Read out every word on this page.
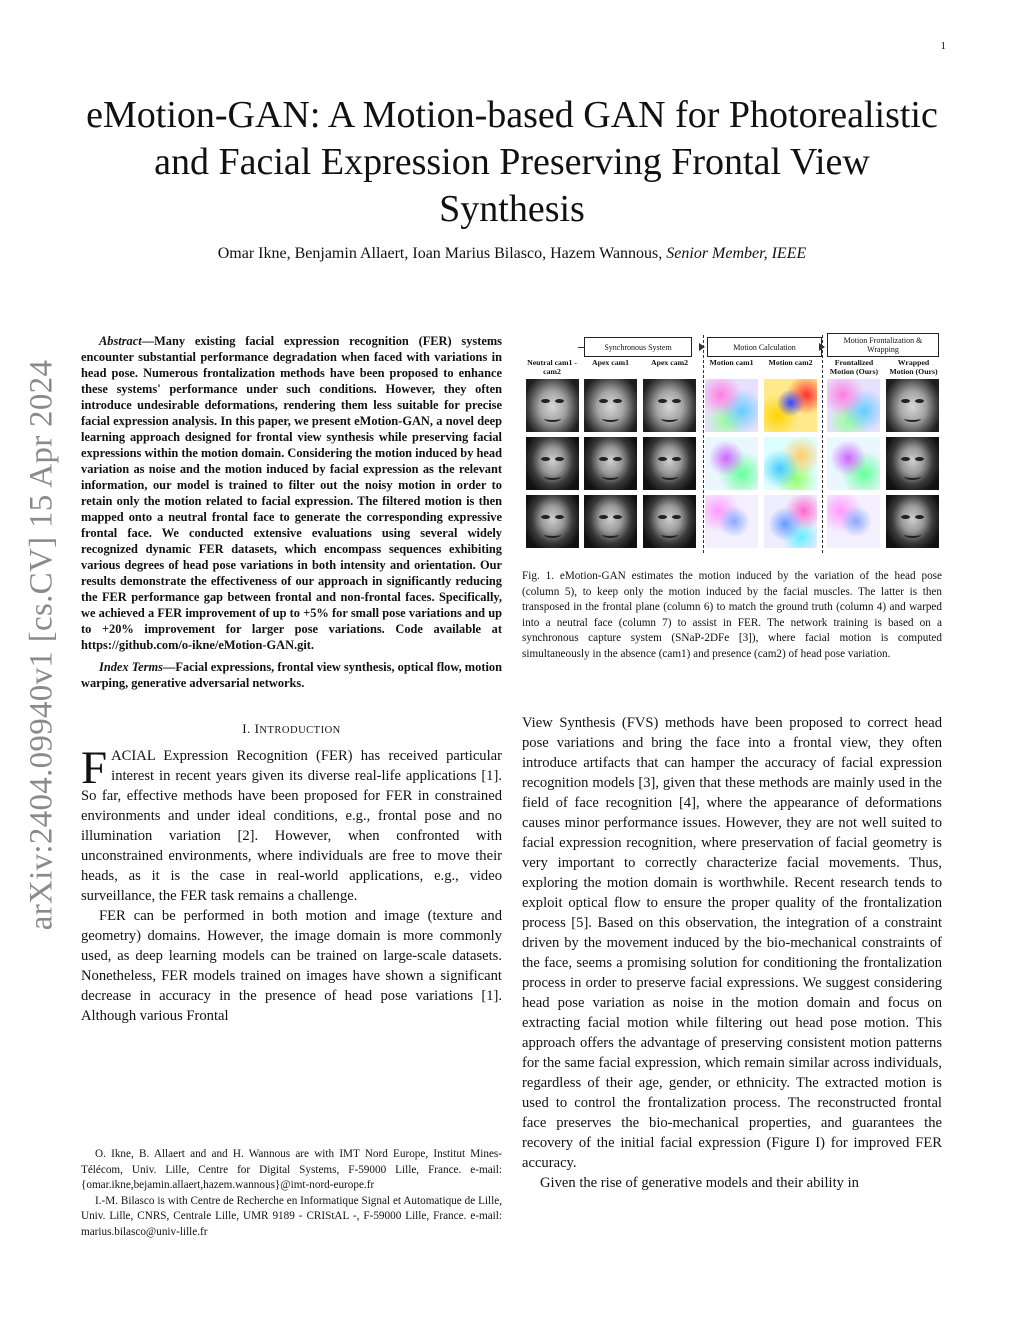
1
arXiv:2404.09940v1 [cs.CV] 15 Apr 2024
eMotion-GAN: A Motion-based GAN for Photorealistic and Facial Expression Preserving Frontal View Synthesis
Omar Ikne, Benjamin Allaert, Ioan Marius Bilasco, Hazem Wannous, Senior Member, IEEE

Abstract—Many existing facial expression recognition (FER) systems encounter substantial performance degradation when faced with variations in head pose. Numerous frontalization methods have been proposed to enhance these systems' performance under such conditions. However, they often introduce undesirable deformations, rendering them less suitable for precise facial expression analysis. In this paper, we present eMotion-GAN, a novel deep learning approach designed for frontal view synthesis while preserving facial expressions within the motion domain. Considering the motion induced by head variation as noise and the motion induced by facial expression as the relevant information, our model is trained to filter out the noisy motion in order to retain only the motion related to facial expression. The filtered motion is then mapped onto a neutral frontal face to generate the corresponding expressive frontal face. We conducted extensive evaluations using several widely recognized dynamic FER datasets, which encompass sequences exhibiting various degrees of head pose variations in both intensity and orientation. Our results demonstrate the effectiveness of our approach in significantly reducing the FER performance gap between frontal and non-frontal faces. Specifically, we achieved a FER improvement of up to +5% for small pose variations and up to +20% improvement for larger pose variations. Code available at https://github.com/o-ikne/eMotion-GAN.git.

Index Terms—Facial expressions, frontal view synthesis, optical flow, motion warping, generative adversarial networks.

I. INTRODUCTION

FACIAL Expression Recognition (FER) has received particular interest in recent years given its diverse real-life applications [1]. So far, effective methods have been proposed for FER in constrained environments and under ideal conditions, e.g., frontal pose and no illumination variation [2]. However, when confronted with unconstrained environments, where individuals are free to move their heads, as it is the case in real-world applications, e.g., video surveillance, the FER task remains a challenge.

FER can be performed in both motion and image (texture and geometry) domains. However, the image domain is more commonly used, as deep learning models can be trained on large-scale datasets. Nonetheless, FER models trained on images have shown a significant decrease in accuracy in the presence of head pose variations [1]. Although various Frontal

O. Ikne, B. Allaert and and H. Wannous are with IMT Nord Europe, Institut Mines-Télécom, Univ. Lille, Centre for Digital Systems, F-59000 Lille, France. e-mail: {omar.ikne,bejamin.allaert,hazem.wannous}@imt-nord-europe.fr

I.-M. Bilasco is with Centre de Recherche en Informatique Signal et Automatique de Lille, Univ. Lille, CNRS, Centrale Lille, UMR 9189 - CRIStAL -, F-59000 Lille, France. e-mail: marius.bilasco@univ-lille.fr

Synchronous System	Motion Calculation
Motion Frontalization & Wrapping
Neutral cam1 - cam2
Apex cam1	Apex cam2	Motion cam1	Motion cam2	Frontalized Motion (Ours)
Wrapped Motion (Ours)
Fig. 1. eMotion-GAN estimates the motion induced by the variation of the head pose (column 5), to keep only the motion induced by the facial muscles. The latter is then transposed in the frontal plane (column 6) to match the ground truth (column 4) and warped into a neutral face (column 7) to assist in FER. The network training is based on a synchronous capture system (SNaP-2DFe [3]), where facial motion is computed simultaneously in the absence (cam1) and presence (cam2) of head pose variation.

View Synthesis (FVS) methods have been proposed to correct head pose variations and bring the face into a frontal view, they often introduce artifacts that can hamper the accuracy of facial expression recognition models [3], given that these methods are mainly used in the field of face recognition [4], where the appearance of deformations causes minor performance issues. However, they are not well suited to facial expression recognition, where preservation of facial geometry is very important to correctly characterize facial movements. Thus, exploring the motion domain is worthwhile. Recent research tends to exploit optical flow to ensure the proper quality of the frontalization process [5]. Based on this observation, the integration of a constraint driven by the movement induced by the bio-mechanical constraints of the face, seems a promising solution for conditioning the frontalization process in order to preserve facial expressions. We suggest considering head pose variation as noise in the motion domain and focus on extracting facial motion while filtering out head pose motion. This approach offers the advantage of preserving consistent motion patterns for the same facial expression, which remain similar across individuals, regardless of their age, gender, or ethnicity. The extracted motion is used to control the frontalization process. The reconstructed frontal face preserves the bio-mechanical properties, and guarantees the recovery of the initial facial expression (Figure I) for improved FER accuracy.

Given the rise of generative models and their ability in
